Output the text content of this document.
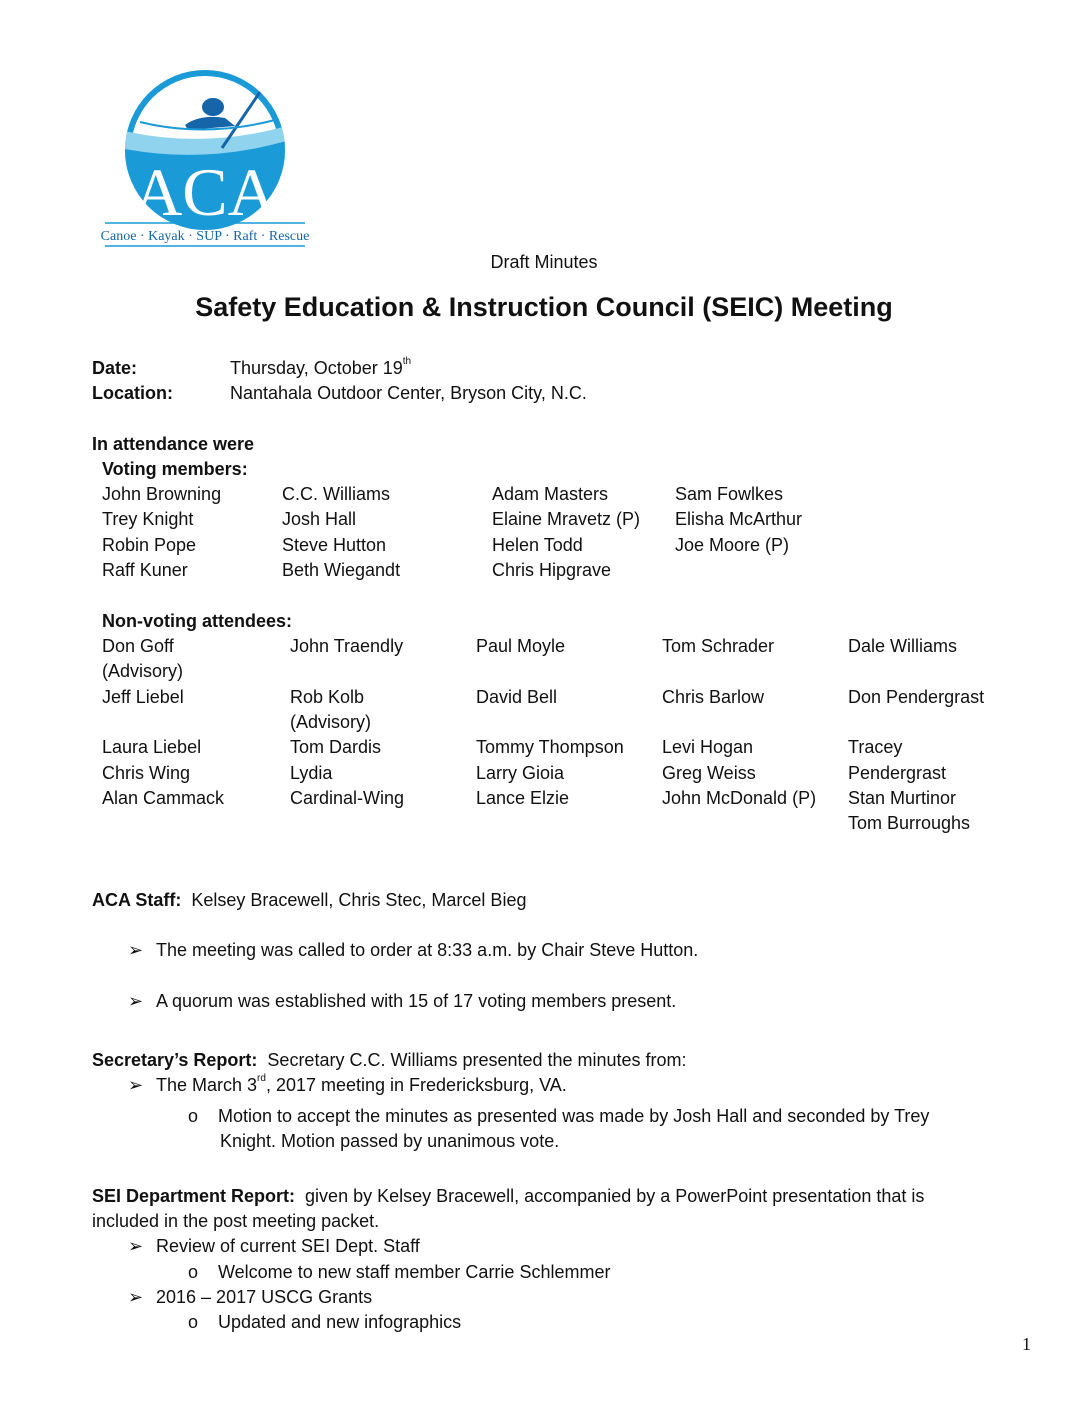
ACA
Canoe · Kayak · SUP · Raft · Rescue
Draft Minutes
Safety Education & Instruction Council (SEIC) Meeting
Date:	Thursday, October 19th
Location:	Nantahala Outdoor Center, Bryson City, N.C.
In attendance were
Voting members:
John Browning	C.C. Williams	Adam Masters	Sam Fowlkes
Trey Knight	Josh Hall	Elaine Mravetz (P) Elisha McArthur
Robin Pope	Steve Hutton	Helen Todd	Joe Moore (P)
Raff Kuner	Beth Wiegandt	Chris Hipgrave
Non-voting attendees:
Don Goff	John Traendly	Paul Moyle	Tom Schrader	Dale Williams
(Advisory)
Jeff Liebel	Rob Kolb	David Bell	Chris Barlow	Don Pendergrast
(Advisory)
Laura Liebel	Tom Dardis	Tommy Thompson Levi Hogan	Tracey
Chris Wing	Lydia	Larry Gioia	Greg Weiss	Pendergrast
Alan Cammack	Cardinal-Wing	Lance Elzie	John McDonald (P) Stan Murtinor
Tom Burroughs
ACA Staff: Kelsey Bracewell, Chris Stec, Marcel Bieg
➢ The meeting was called to order at 8:33 a.m. by Chair Steve Hutton.
➢ A quorum was established with 15 of 17 voting members present.
Secretary’s Report: Secretary C.C. Williams presented the minutes from:
➢ The March 3rd, 2017 meeting in Fredericksburg, VA.
o Motion to accept the minutes as presented was made by Josh Hall and seconded by Trey
Knight. Motion passed by unanimous vote.
SEI Department Report: given by Kelsey Bracewell, accompanied by a PowerPoint presentation that is
included in the post meeting packet.
➢ Review of current SEI Dept. Staff
o Welcome to new staff member Carrie Schlemmer
➢ 2016 – 2017 USCG Grants
o Updated and new infographics
1
